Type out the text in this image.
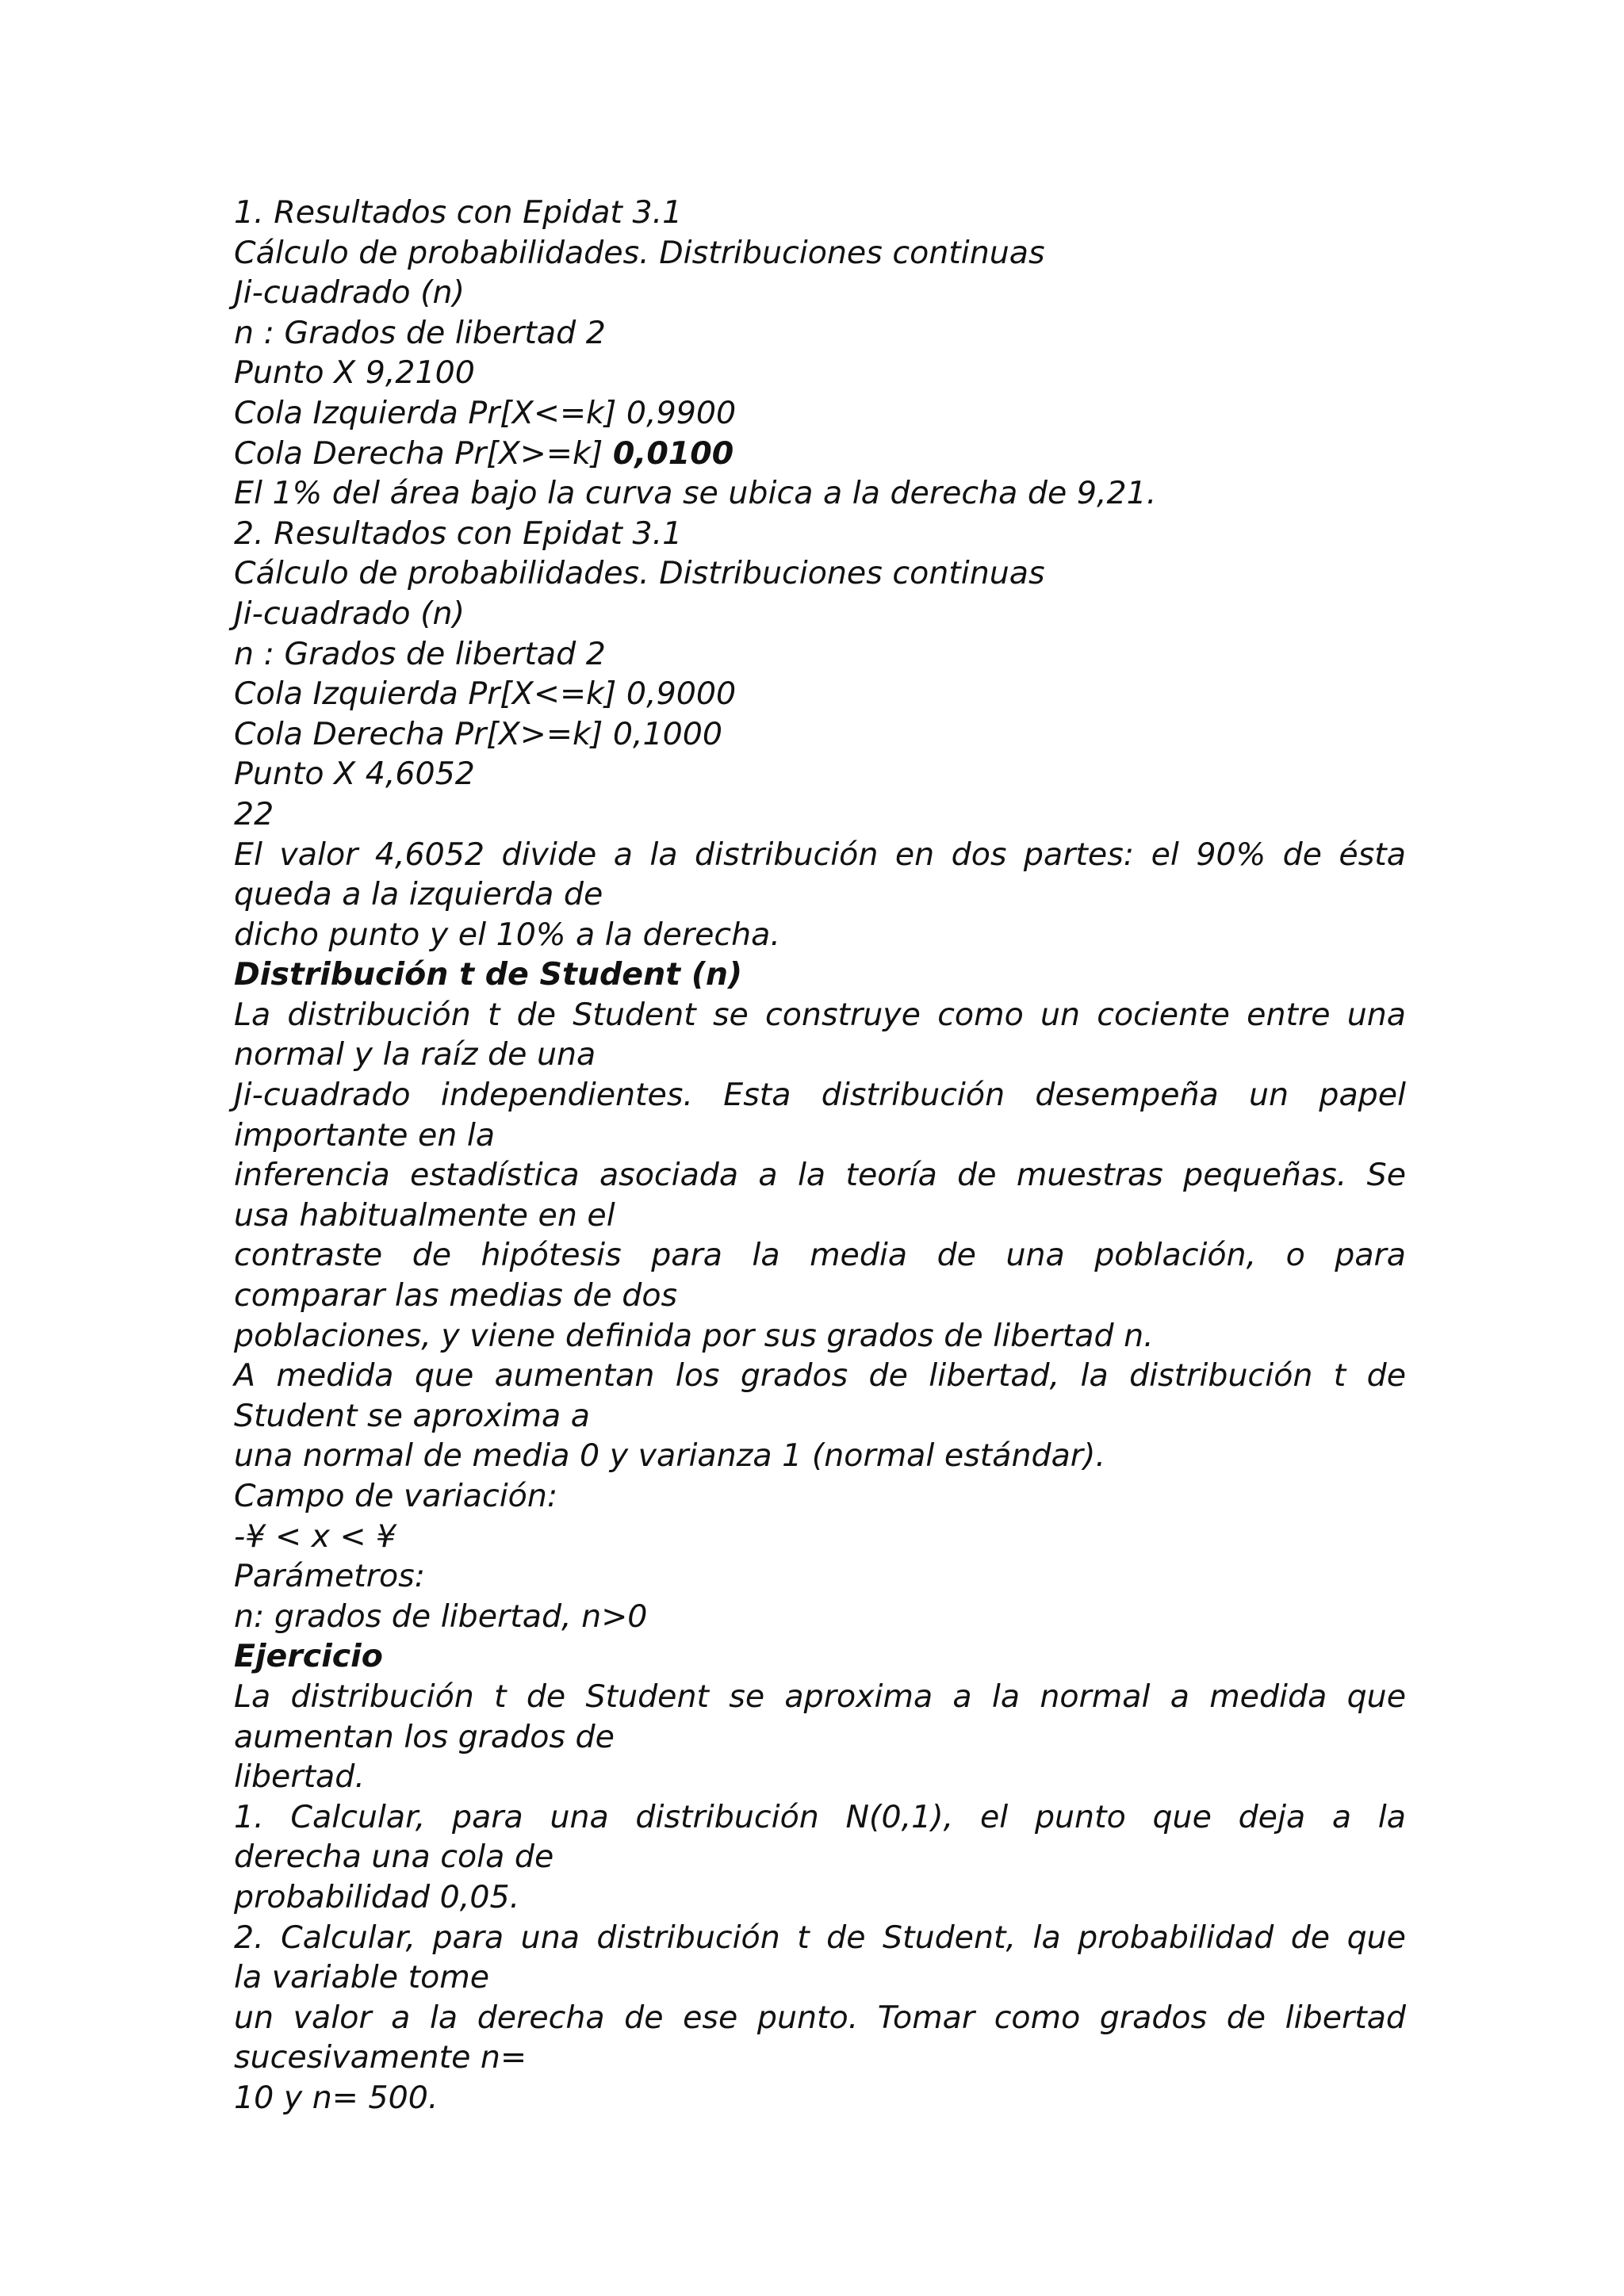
1. Resultados con Epidat 3.1
Cálculo de probabilidades. Distribuciones continuas
Ji-cuadrado (n)
n : Grados de libertad 2
Punto X 9,2100
Cola Izquierda Pr[X<=k] 0,9900
Cola Derecha Pr[X>=k] 0,0100
El 1% del área bajo la curva se ubica a la derecha de 9,21.
2. Resultados con Epidat 3.1
Cálculo de probabilidades. Distribuciones continuas
Ji-cuadrado (n)
n : Grados de libertad 2
Cola Izquierda Pr[X<=k] 0,9000
Cola Derecha Pr[X>=k] 0,1000
Punto X 4,6052
22
El valor 4,6052 divide a la distribución en dos partes: el 90% de ésta
queda a la izquierda de
dicho punto y el 10% a la derecha.
Distribución t de Student (n)
La distribución t de Student se construye como un cociente entre una
normal y la raíz de una
Ji-cuadrado independientes. Esta distribución desempeña un papel
importante en la
inferencia estadística asociada a la teoría de muestras pequeñas. Se
usa habitualmente en el
contraste de hipótesis para la media de una población, o para
comparar las medias de dos
poblaciones, y viene definida por sus grados de libertad n.
A medida que aumentan los grados de libertad, la distribución t de
Student se aproxima a
una normal de media 0 y varianza 1 (normal estándar).
Campo de variación:
-¥ < x < ¥
Parámetros:
n: grados de libertad, n>0
Ejercicio
La distribución t de Student se aproxima a la normal a medida que
aumentan los grados de
libertad.
1. Calcular, para una distribución N(0,1), el punto que deja a la
derecha una cola de
probabilidad 0,05.
2. Calcular, para una distribución t de Student, la probabilidad de que
la variable tome
un valor a la derecha de ese punto. Tomar como grados de libertad
sucesivamente n=
10 y n= 500.
